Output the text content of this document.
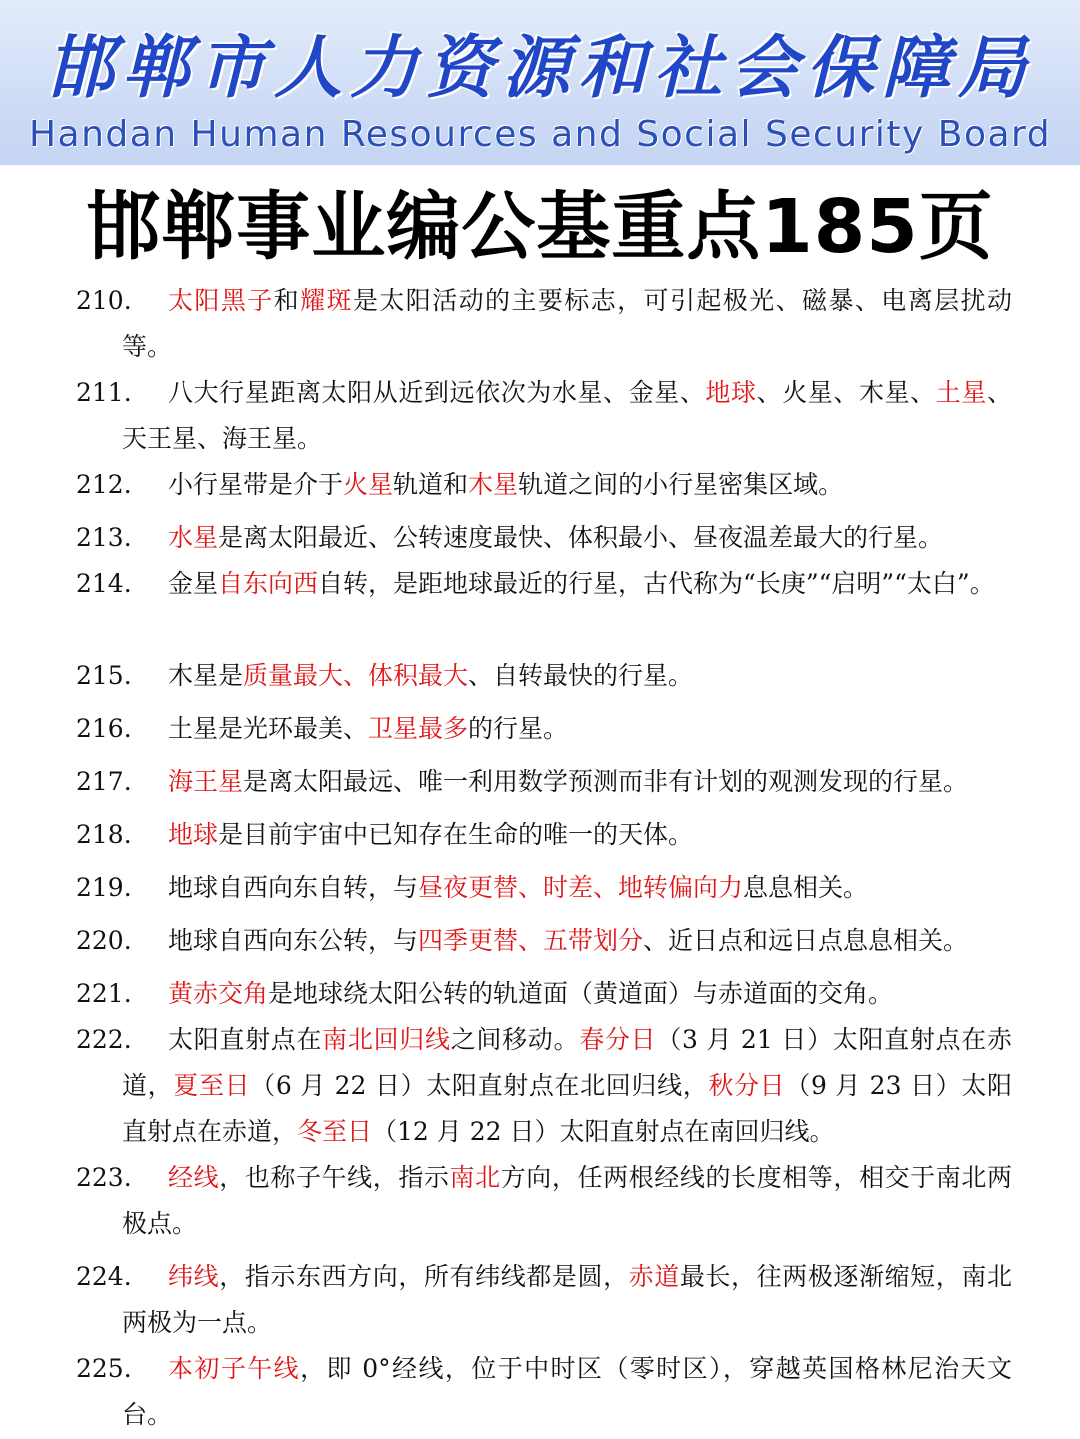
邯郸市人力资源和社会保障局
Handan Human Resources and Social Security Board
邯郸事业编公基重点185页
210.	太阳黑子和耀斑是太阳活动的主要标志，可引起极光、磁暴、电离层扰动等。
211.	八大行星距离太阳从近到远依次为水星、金星、地球、火星、木星、土星、天王星、海王星。
212.	小行星带是介于火星轨道和木星轨道之间的小行星密集区域。
213.	水星是离太阳最近、公转速度最快、体积最小、昼夜温差最大的行星。
214.	金星自东向西自转，是距地球最近的行星，古代称为“长庚”“启明”“太白”。
215.	木星是质量最大、体积最大、自转最快的行星。
216.	土星是光环最美、卫星最多的行星。
217.	海王星是离太阳最远、唯一利用数学预测而非有计划的观测发现的行星。
218.	地球是目前宇宙中已知存在生命的唯一的天体。
219.	地球自西向东自转，与昼夜更替、时差、地转偏向力息息相关。
220.	地球自西向东公转，与四季更替、五带划分、近日点和远日点息息相关。
221.	黄赤交角是地球绕太阳公转的轨道面（黄道面）与赤道面的交角。
222.	太阳直射点在南北回归线之间移动。春分日（3 月 21 日）太阳直射点在赤道，夏至日（6 月 22 日）太阳直射点在北回归线，秋分日（9 月 23 日）太阳直射点在赤道，冬至日（12 月 22 日）太阳直射点在南回归线。
223.	经线，也称子午线，指示南北方向，任两根经线的长度相等，相交于南北两极点。
224.	纬线，指示东西方向，所有纬线都是圆，赤道最长，往两极逐渐缩短，南北两极为一点。
225.	本初子午线，即 0°经线，位于中时区（零时区），穿越英国格林尼治天文台。
